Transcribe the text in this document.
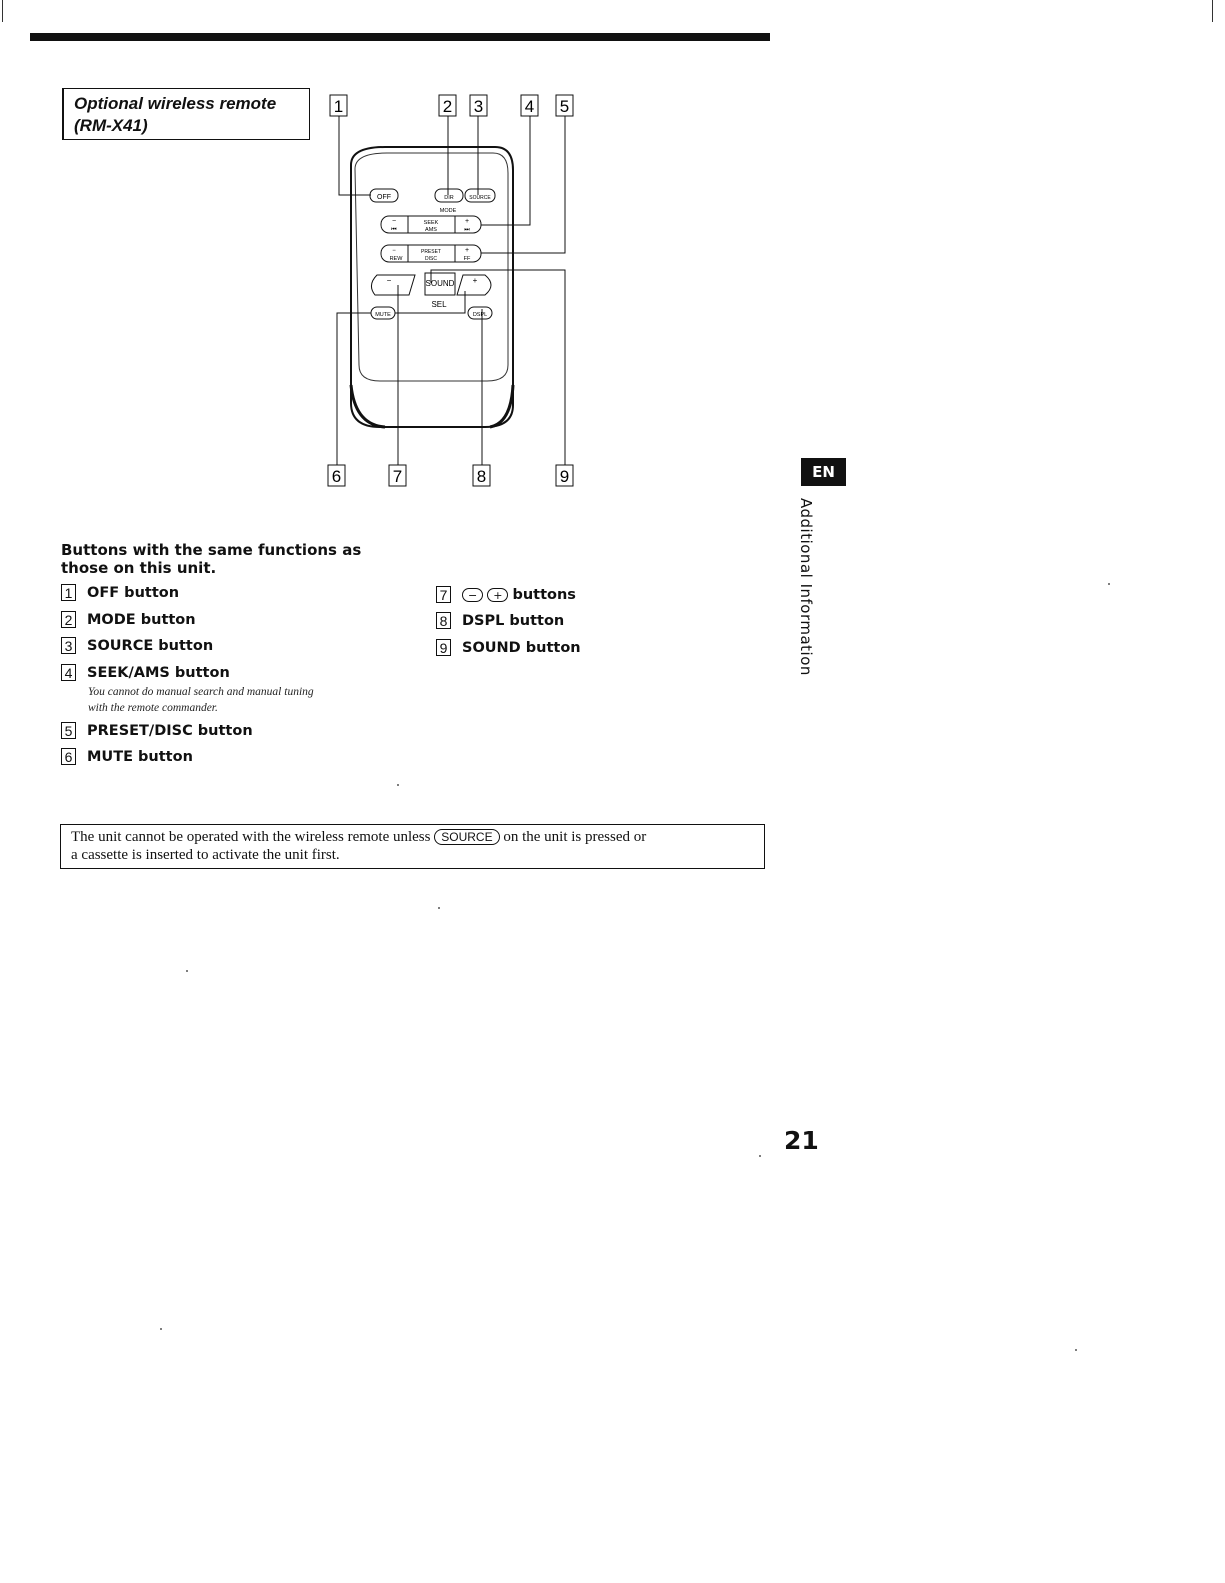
Optional wireless remote
(RM-X41)
OFF	DIR	SOURCE
MODE
−
⏮
SEEK
AMS
+
⏭
−
REW
PRESET
DISC
+
FF
−	SOUND
SEL
+
MUTE	DSPL
1	2 3 4 5
6	7	8	9
Buttons with the same functions as those on this unit.
1 OFF button
2 MODE button
3 SOURCE button
4 SEEK/AMS button
You cannot do manual search and manual tuning
with the remote commander.
5 PRESET/DISC button
6 MUTE button
7	− + buttons
8 DSPL button
9 SOUND button
The unit cannot be operated with the wireless remote unless SOURCE on the unit is pressed or
a cassette is inserted to activate the unit first.
EN
Additional Information
21
